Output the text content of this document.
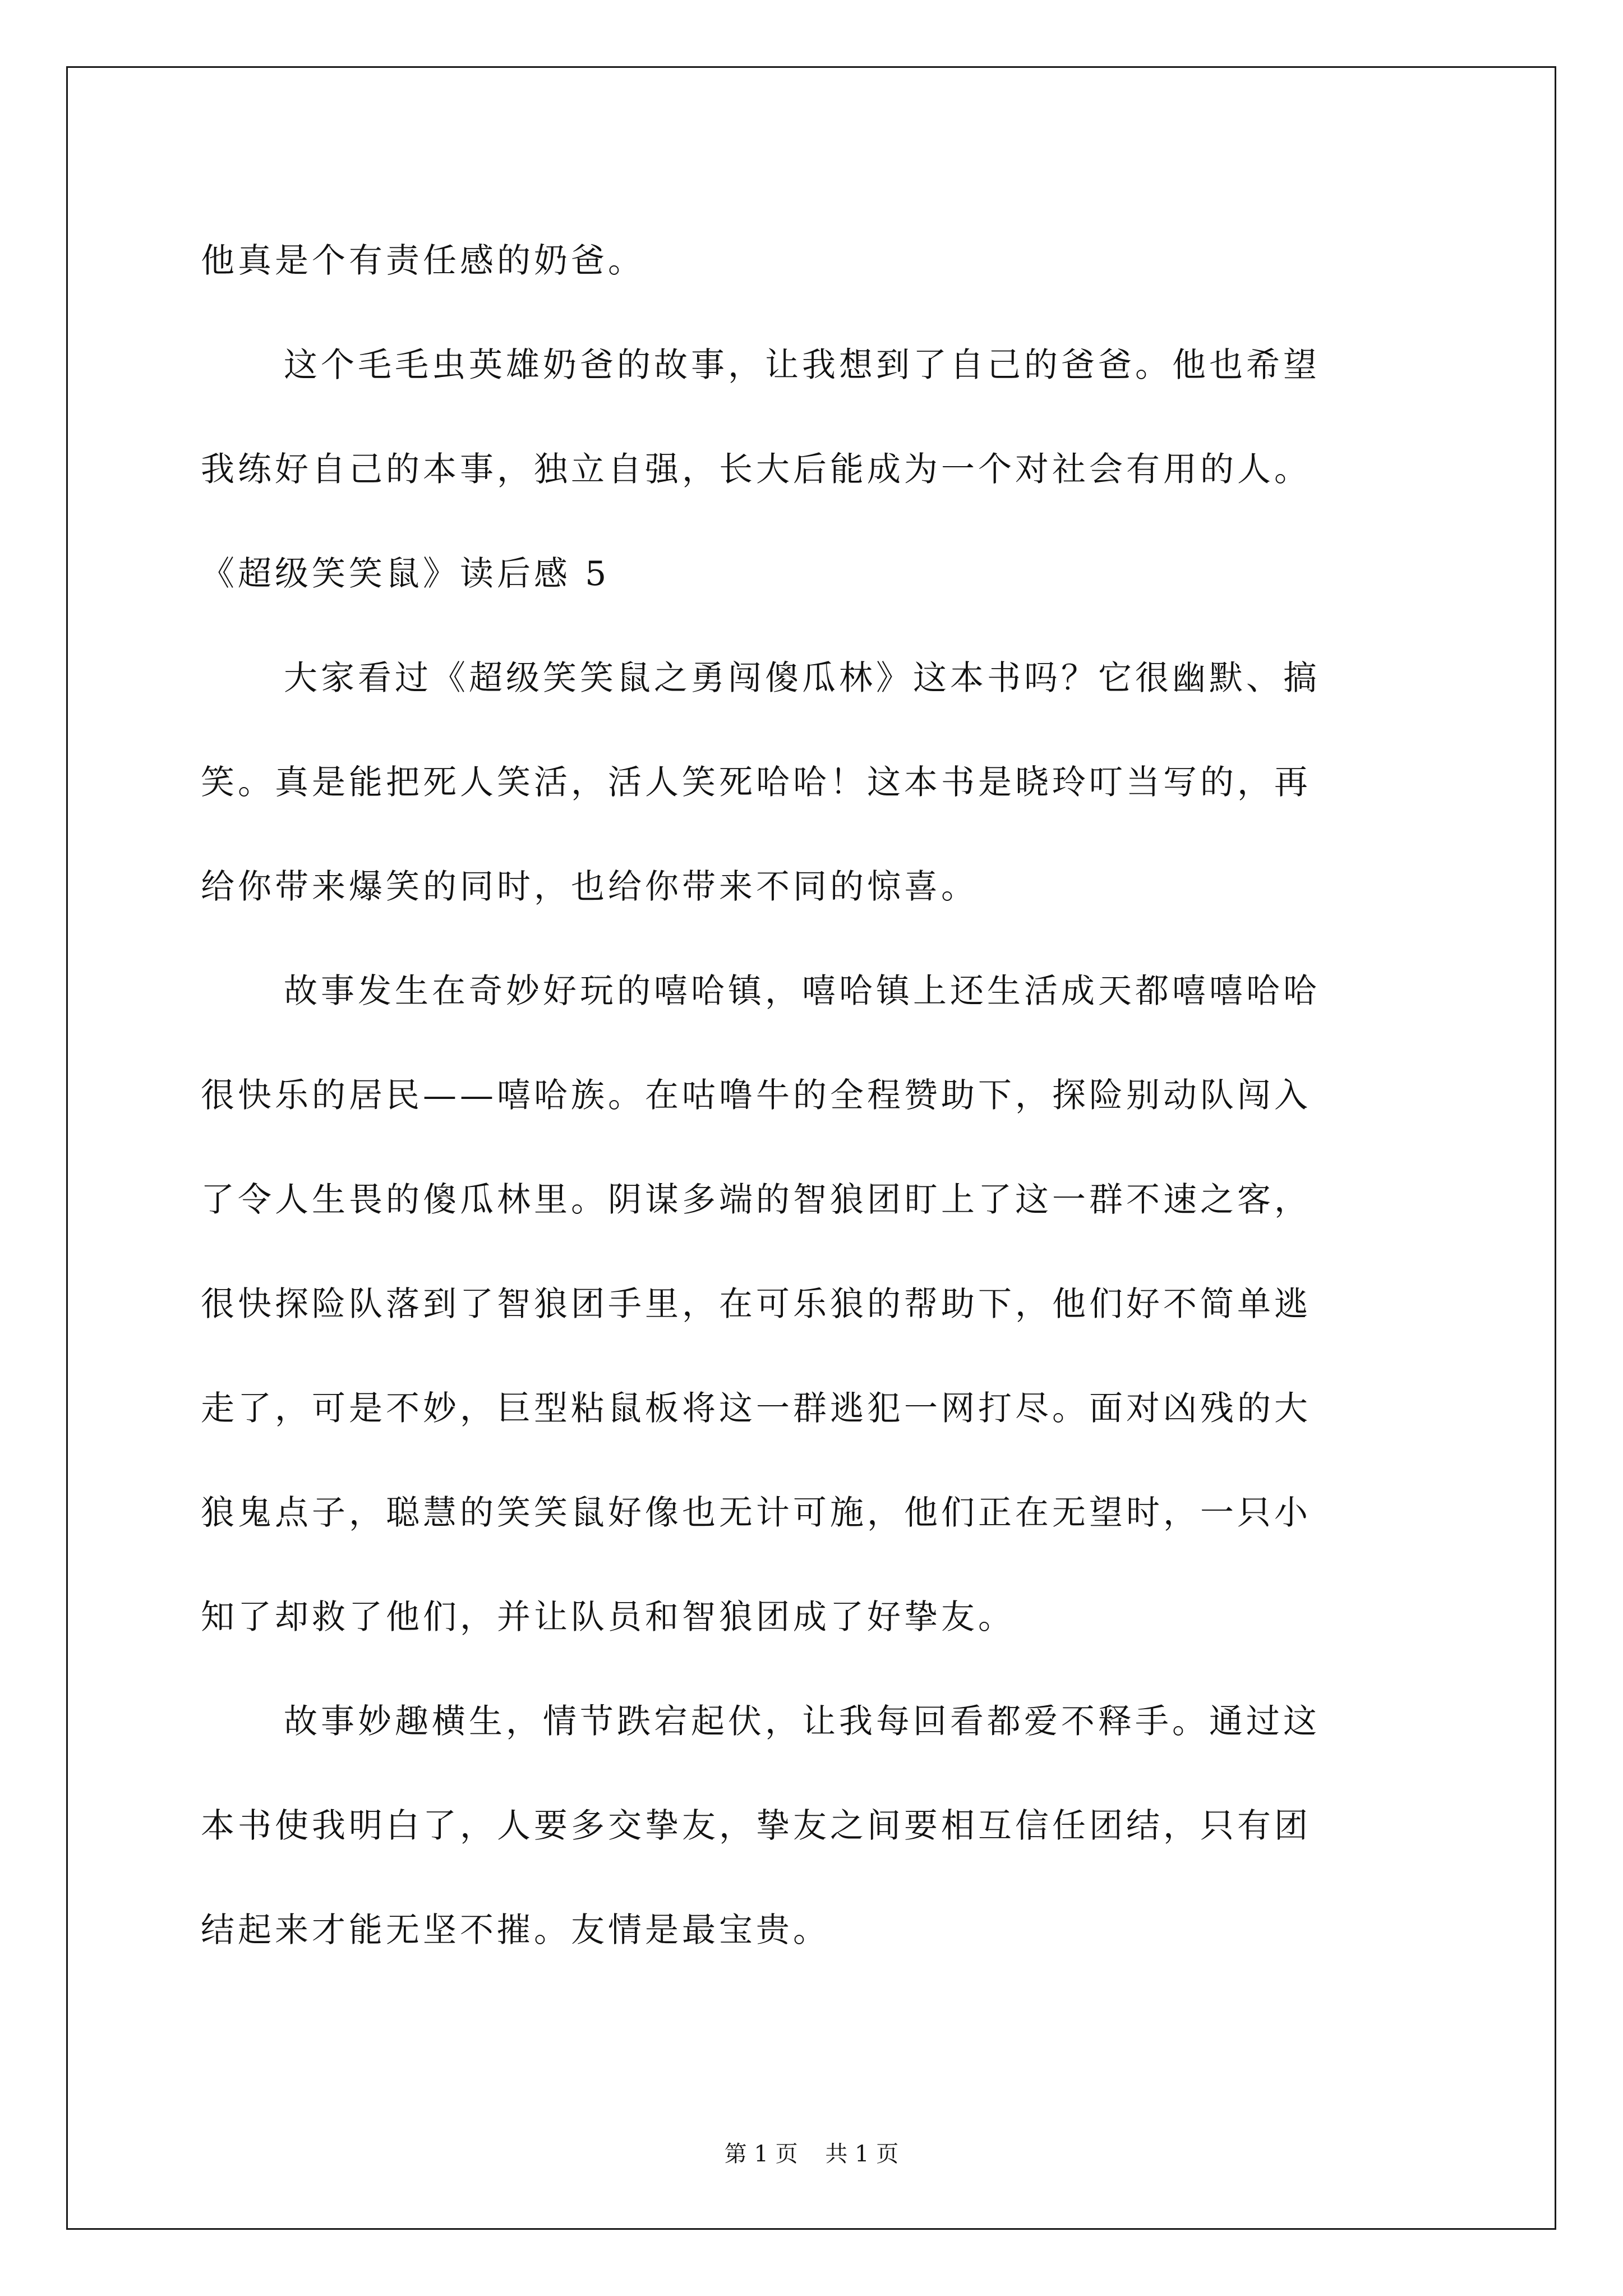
他真是个有责任感的奶爸。

这个毛毛虫英雄奶爸的故事，让我想到了自己的爸爸。他也希望

我练好自己的本事，独立自强，长大后能成为一个对社会有用的人。

《超级笑笑鼠》读后感 5

大家看过《超级笑笑鼠之勇闯傻瓜林》这本书吗？它很幽默、搞

笑。真是能把死人笑活，活人笑死哈哈！这本书是晓玲叮当写的，再

给你带来爆笑的同时，也给你带来不同的惊喜。

故事发生在奇妙好玩的嘻哈镇，嘻哈镇上还生活成天都嘻嘻哈哈

很快乐的居民——嘻哈族。在咕噜牛的全程赞助下，探险别动队闯入

了令人生畏的傻瓜林里。阴谋多端的智狼团盯上了这一群不速之客，

很快探险队落到了智狼团手里，在可乐狼的帮助下，他们好不简单逃

走了，可是不妙，巨型粘鼠板将这一群逃犯一网打尽。面对凶残的大

狼鬼点子，聪慧的笑笑鼠好像也无计可施，他们正在无望时，一只小

知了却救了他们，并让队员和智狼团成了好挚友。

故事妙趣横生，情节跌宕起伏，让我每回看都爱不释手。通过这

本书使我明白了，人要多交挚友，挚友之间要相互信任团结，只有团

结起来才能无坚不摧。友情是最宝贵。

第 1 页 共 1 页
